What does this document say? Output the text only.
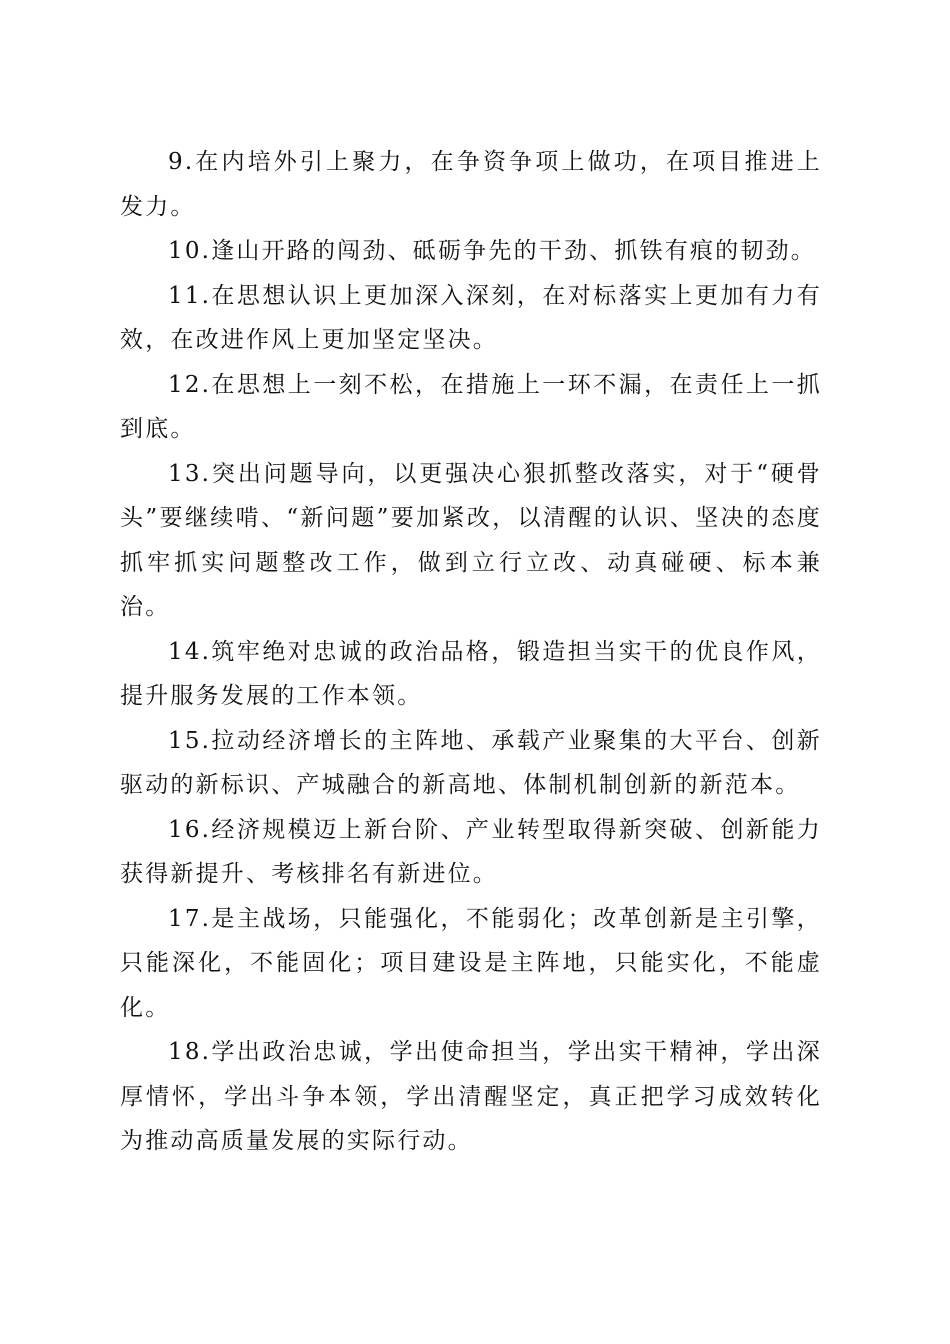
9.在内培外引上聚力，在争资争项上做功，在项目推进上发力。

10.逢山开路的闯劲、砥砺争先的干劲、抓铁有痕的韧劲。

11.在思想认识上更加深入深刻，在对标落实上更加有力有效，在改进作风上更加坚定坚决。

12.在思想上一刻不松，在措施上一环不漏，在责任上一抓到底。

13.突出问题导向，以更强决心狠抓整改落实，对于“硬骨头”要继续啃、“新问题”要加紧改，以清醒的认识、坚决的态度抓牢抓实问题整改工作，做到立行立改、动真碰硬、标本兼治。

14.筑牢绝对忠诚的政治品格，锻造担当实干的优良作风，提升服务发展的工作本领。

15.拉动经济增长的主阵地、承载产业聚集的大平台、创新驱动的新标识、产城融合的新高地、体制机制创新的新范本。

16.经济规模迈上新台阶、产业转型取得新突破、创新能力获得新提升、考核排名有新进位。

17.是主战场，只能强化，不能弱化；改革创新是主引擎，只能深化，不能固化；项目建设是主阵地，只能实化，不能虚化。

18.学出政治忠诚，学出使命担当，学出实干精神，学出深厚情怀，学出斗争本领，学出清醒坚定，真正把学习成效转化为推动高质量发展的实际行动。
